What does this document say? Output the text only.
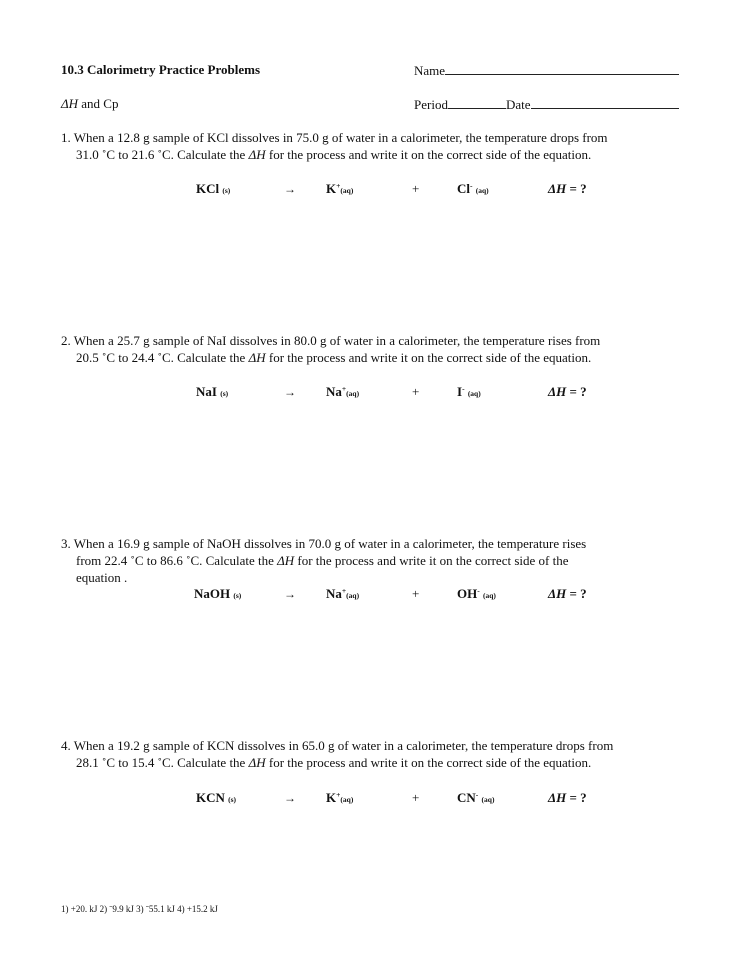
10.3 Calorimetry Practice Problems	Name
ΔH and Cp	Period	Date
1. When a 12.8 g sample of KCl dissolves in 75.0 g of water in a calorimeter, the temperature drops from
31.0 ˚C to 21.6 ˚C. Calculate the ΔH for the process and write it on the correct side of the equation.
KCl (s)	→ K+(aq)	+	Cl- (aq)	ΔH = ?
2. When a 25.7 g sample of NaI dissolves in 80.0 g of water in a calorimeter, the temperature rises from
20.5 ˚C to 24.4 ˚C. Calculate the ΔH for the process and write it on the correct side of the equation.
NaI (s)	→ Na+(aq)	+	I- (aq)	ΔH = ?
3. When a 16.9 g sample of NaOH dissolves in 70.0 g of water in a calorimeter, the temperature rises
from 22.4 ˚C to 86.6 ˚C. Calculate the ΔH for the process and write it on the correct side of the
equation .
NaOH (s)	→ Na+(aq)	+	OH- (aq)	ΔH = ?
4. When a 19.2 g sample of KCN dissolves in 65.0 g of water in a calorimeter, the temperature drops from
28.1 ˚C to 15.4 ˚C. Calculate the ΔH for the process and write it on the correct side of the equation.
KCN (s)	→ K+(aq)	+	CN- (aq)	ΔH = ?
1) +20. kJ 2) ˉ9.9 kJ 3) ˉ55.1 kJ 4) +15.2 kJ
